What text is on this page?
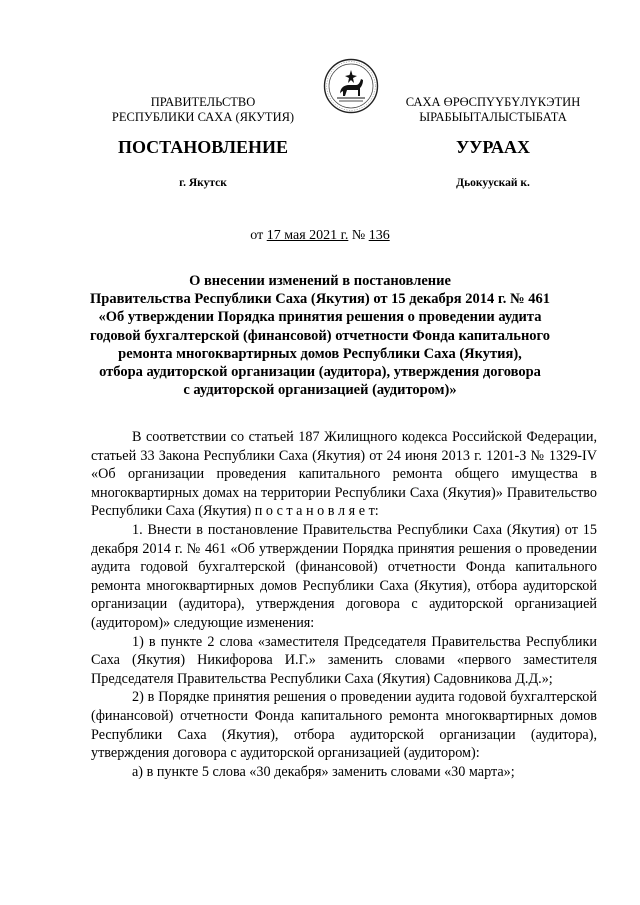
ПРАВИТЕЛЬСТВО
РЕСПУБЛИКИ САХА (ЯКУТИЯ)
САХА ӨРӨСПҮҮБҮЛҮКЭТИН
ЫРАБЫЫТАЛЫСТЫБАТА
ПОСТАНОВЛЕНИЕ	УУРААХ
г. Якутск	Дьокуускай к.
от 17 мая 2021 г. № 136
О внесении изменений в постановление
Правительства Республики Саха (Якутия) от 15 декабря 2014 г. № 461
«Об утверждении Порядка принятия решения о проведении аудита
годовой бухгалтерской (финансовой) отчетности Фонда капитального
ремонта многоквартирных домов Республики Саха (Якутия),
отбора аудиторской организации (аудитора), утверждения договора
с аудиторской организацией (аудитором)»
В соответствии со статьей 187 Жилищного кодекса Российской Федерации, статьей 33 Закона Республики Саха (Якутия) от 24 июня 2013 г. 1201-З № 1329-IV «Об организации проведения капитального ремонта общего имущества в многоквартирных домах на территории Республики Саха (Якутия)» Правительство Республики Саха (Якутия) п о с т а н о в л я е т:
1. Внести в постановление Правительства Республики Саха (Якутия) от 15 декабря 2014 г. № 461 «Об утверждении Порядка принятия решения о проведении аудита годовой бухгалтерской (финансовой) отчетности Фонда капитального ремонта многоквартирных домов Республики Саха (Якутия), отбора аудиторской организации (аудитора), утверждения договора с аудиторской организацией (аудитором)» следующие изменения:
1) в пункте 2 слова «заместителя Председателя Правительства Республики Саха (Якутия) Никифорова И.Г.» заменить словами «первого заместителя Председателя Правительства Республики Саха (Якутия) Садовникова Д.Д.»;
2) в Порядке принятия решения о проведении аудита годовой бухгалтерской (финансовой) отчетности Фонда капитального ремонта многоквартирных домов Республики Саха (Якутия), отбора аудиторской организации (аудитора), утверждения договора с аудиторской организацией (аудитором):
а) в пункте 5 слова «30 декабря» заменить словами «30 марта»;
